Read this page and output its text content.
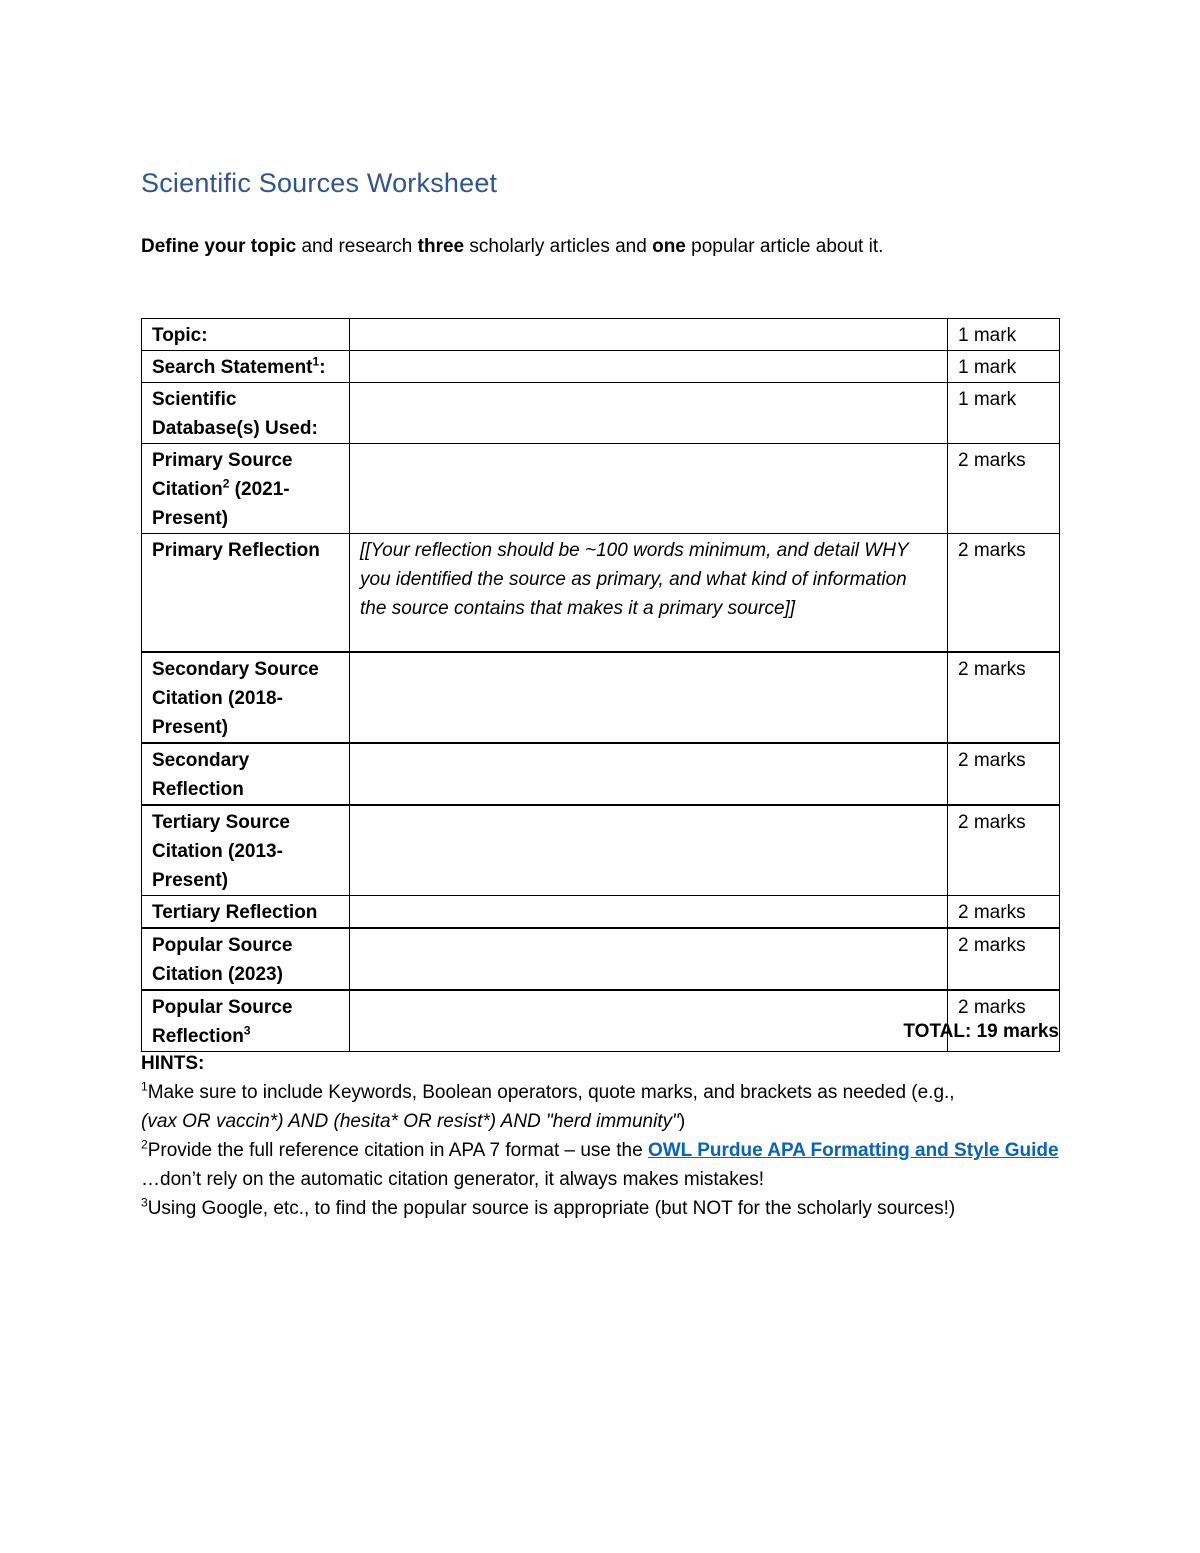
Scientific Sources Worksheet
Define your topic and research three scholarly articles and one popular article about it.
Topic:		1 mark
Search Statement$^1$:		1 mark
Scientific Database(s) Used:		1 mark
Primary Source Citation$^2$ (2021-Present)		2 marks
Primary Reflection	[[Your reflection should be ~100 words minimum, and detail WHY you identified the source as primary, and what kind of information the source contains that makes it a primary source]]	2 marks
Secondary Source Citation (2018-Present)		2 marks
Secondary Reflection		2 marks
Tertiary Source Citation (2013-Present)		2 marks
Tertiary Reflection		2 marks
Popular Source Citation (2023)		2 marks
Popular Source Reflection$^3$		2 marks
TOTAL: 19 marks
HINTS:
$^1$Make sure to include Keywords, Boolean operators, quote marks, and brackets as needed (e.g.,
(vax OR vaccin*) AND (hesita* OR resist*) AND "herd immunity")
$^2$Provide the full reference citation in APA 7 format – use the OWL Purdue APA Formatting and Style Guide …don’t rely on the automatic citation generator, it always makes mistakes!
$^3$Using Google, etc., to find the popular source is appropriate (but NOT for the scholarly sources!)
